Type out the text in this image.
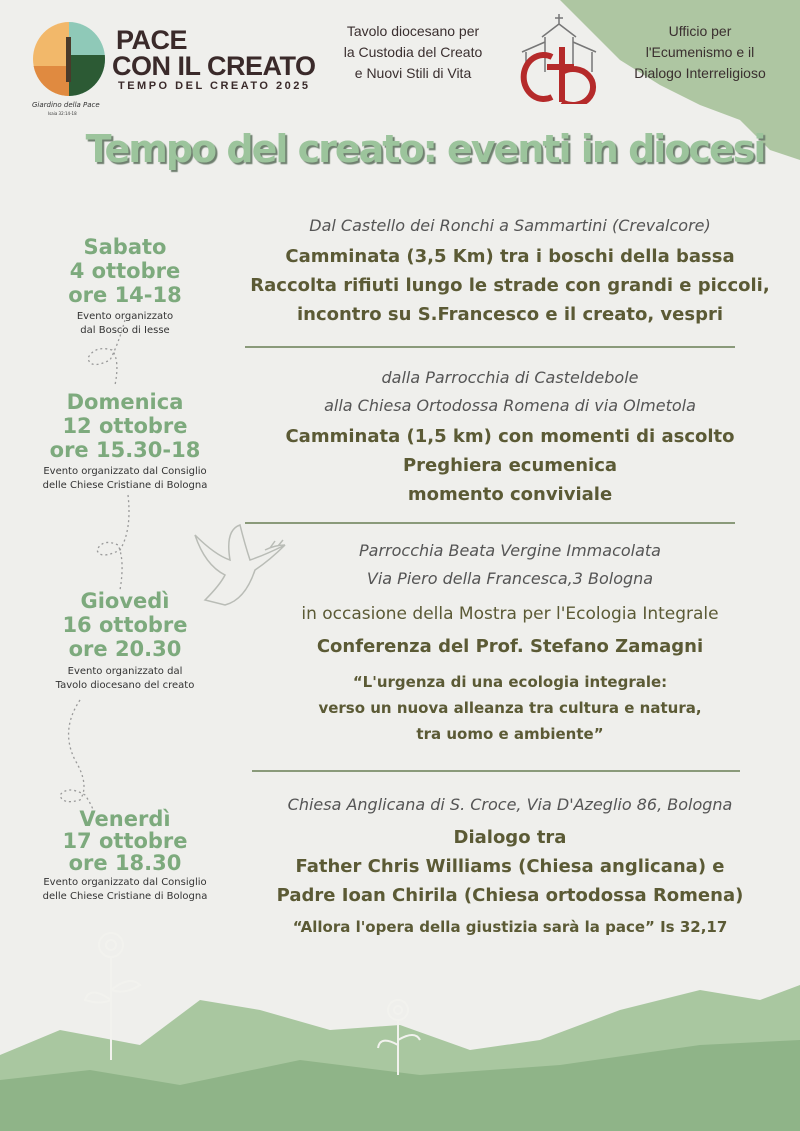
Giardino della Pace
Isaia 32:14-18
PACE
CON IL CREATO
TEMPO DEL CREATO 2025
Tavolo diocesano per
la Custodia del Creato
e Nuovi Stili di Vita
Ufficio per
l'Ecumenismo e il
Dialogo Interreligioso
Tempo del creato: eventi in diocesi
Sabato
4 ottobre
ore 14-18
Evento organizzato
dal Bosco di Iesse
Dal Castello dei Ronchi a Sammartini (Crevalcore)
Camminata (3,5 Km) tra i boschi della bassa
Raccolta rifiuti lungo le strade con grandi e piccoli,
incontro su S.Francesco e il creato, vespri
Domenica
12 ottobre
ore 15.30-18
Evento organizzato dal Consiglio
delle Chiese Cristiane di Bologna
dalla Parrocchia di Casteldebole
alla Chiesa Ortodossa Romena di via Olmetola
Camminata (1,5 km) con momenti di ascolto
Preghiera ecumenica
momento conviviale
Giovedì
16 ottobre
ore 20.30
Evento organizzato dal
Tavolo diocesano del creato
Parrocchia Beata Vergine Immacolata
Via Piero della Francesca,3 Bologna
in occasione della Mostra per l'Ecologia Integrale
Conferenza del Prof. Stefano Zamagni
“L'urgenza di una ecologia integrale:
verso un nuova alleanza tra cultura e natura,
tra uomo e ambiente”
Venerdì
17 ottobre
ore 18.30
Evento organizzato dal Consiglio
delle Chiese Cristiane di Bologna
Chiesa Anglicana di S. Croce, Via D'Azeglio 86, Bologna
Dialogo tra
Father Chris Williams (Chiesa anglicana) e
Padre Ioan Chirila (Chiesa ortodossa Romena)
“Allora l'opera della giustizia sarà la pace” Is 32,17
